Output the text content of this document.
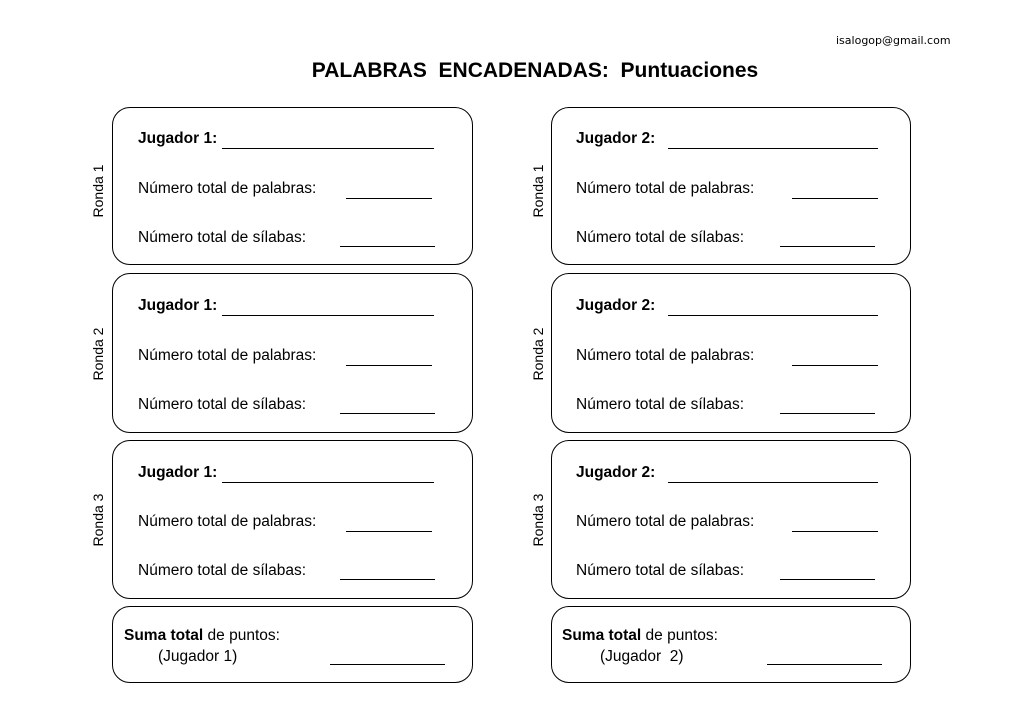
isalogop@gmail.com
PALABRAS  ENCADENADAS:  Puntuaciones
Ronda 1
Jugador 1:
Número total de palabras:
Número total de sílabas:
Ronda 2
Jugador 1:
Número total de palabras:
Número total de sílabas:
Ronda 3
Jugador 1:
Número total de palabras:
Número total de sílabas:
Suma total de puntos:
(Jugador 1)
Ronda 1
Jugador 2:
Número total de palabras:
Número total de sílabas:
Ronda 2
Jugador 2:
Número total de palabras:
Número total de sílabas:
Ronda 3
Jugador 2:
Número total de palabras:
Número total de sílabas:
Suma total de puntos:
(Jugador  2)
